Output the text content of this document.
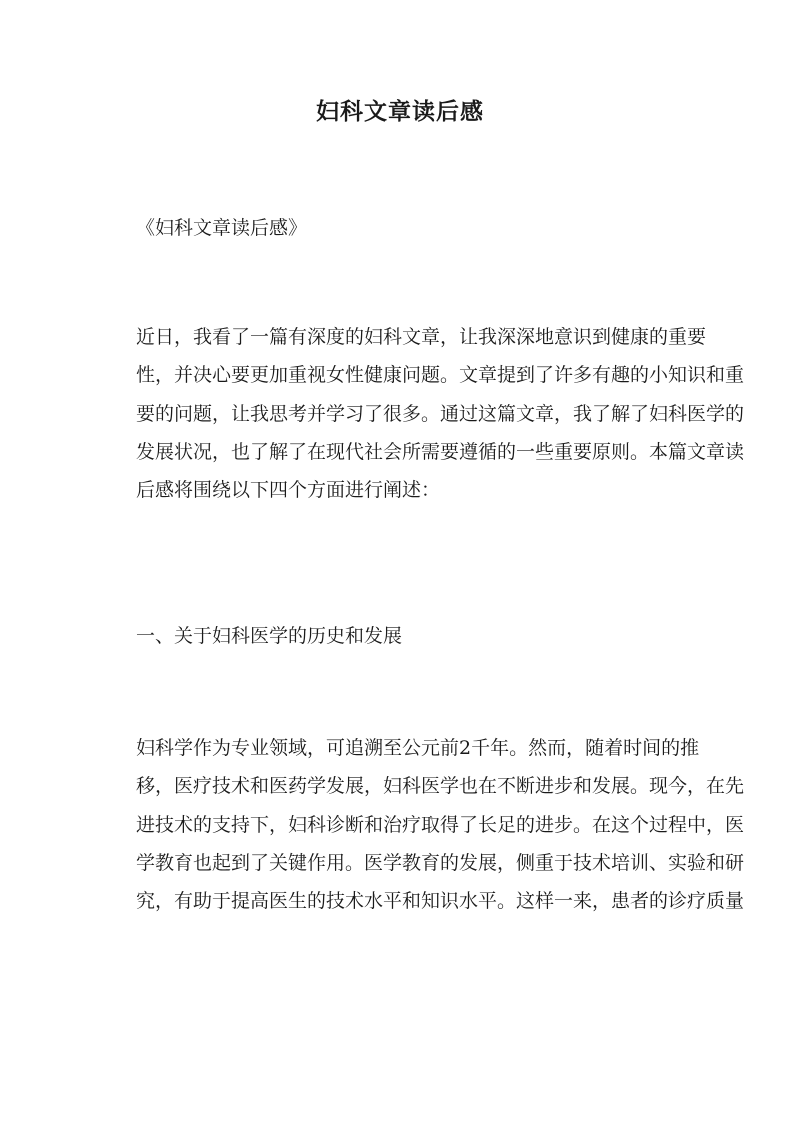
妇科文章读后感

《妇科文章读后感》

近日，我看了一篇有深度的妇科文章，让我深深地意识到健康的重要
性，并决心要更加重视女性健康问题。文章提到了许多有趣的小知识和重
要的问题，让我思考并学习了很多。通过这篇文章，我了解了妇科医学的
发展状况，也了解了在现代社会所需要遵循的一些重要原则。本篇文章读
后感将围绕以下四个方面进行阐述：

一、关于妇科医学的历史和发展

妇科学作为专业领域，可追溯至公元前2千年。然而，随着时间的推
移，医疗技术和医药学发展，妇科医学也在不断进步和发展。现今，在先
进技术的支持下，妇科诊断和治疗取得了长足的进步。在这个过程中，医
学教育也起到了关键作用。医学教育的发展，侧重于技术培训、实验和研
究，有助于提高医生的技术水平和知识水平。这样一来，患者的诊疗质量
